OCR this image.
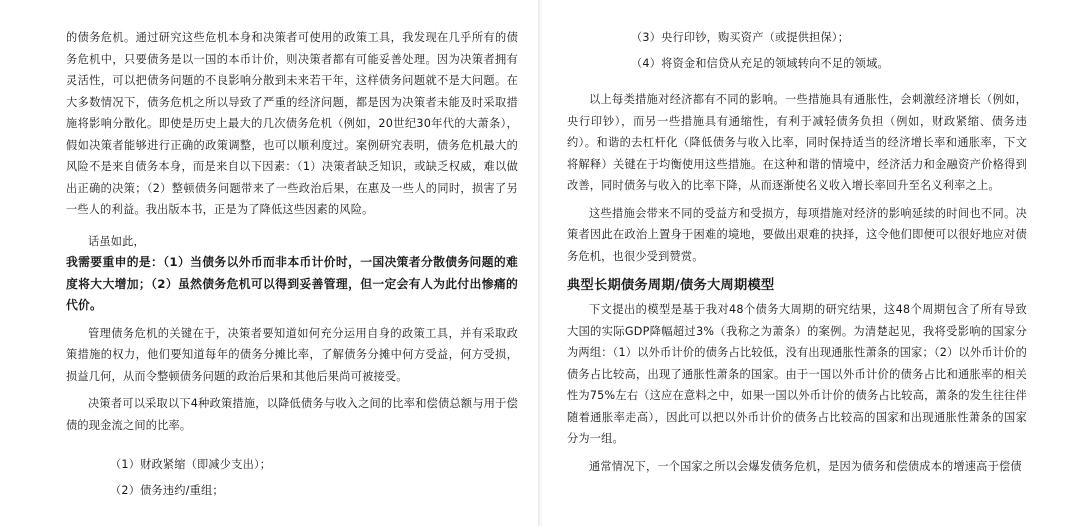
的债务危机。通过研究这些危机本身和决策者可使用的政策工具，我发现在几乎所有的债务危机中，只要债务是以一国的本币计价，则决策者都有可能妥善处理。因为决策者拥有灵活性，可以把债务问题的不良影响分散到未来若干年，这样债务问题就不是大问题。在大多数情况下，债务危机之所以导致了严重的经济问题，都是因为决策者未能及时采取措施将影响分散化。即使是历史上最大的几次债务危机（例如，20世纪30年代的大萧条），假如决策者能够进行正确的政策调整，也可以顺利度过。案例研究表明，债务危机最大的风险不是来自债务本身，而是来自以下因素：（1）决策者缺乏知识，或缺乏权威，难以做出正确的决策；（2）整顿债务问题带来了一些政治后果，在惠及一些人的同时，损害了另一些人的利益。我出版本书，正是为了降低这些因素的风险。

话虽如此，

我需要重申的是：（1）当债务以外币而非本币计价时，一国决策者分散债务问题的难度将大大增加；（2）虽然债务危机可以得到妥善管理，但一定会有人为此付出惨痛的代价。

管理债务危机的关键在于，决策者要知道如何充分运用自身的政策工具，并有采取政策措施的权力，他们要知道每年的债务分摊比率，了解债务分摊中何方受益，何方受损，损益几何，从而令整顿债务问题的政治后果和其他后果尚可被接受。

决策者可以采取以下4种政策措施，以降低债务与收入之间的比率和偿债总额与用于偿债的现金流之间的比率。

（1）财政紧缩（即减少支出）；

（2）债务违约/重组；

（3）央行印钞，购买资产（或提供担保）；

（4）将资金和信贷从充足的领域转向不足的领域。

以上每类措施对经济都有不同的影响。一些措施具有通胀性，会刺激经济增长（例如，央行印钞），而另一些措施具有通缩性，有利于减轻债务负担（例如，财政紧缩、债务违约）。和谐的去杠杆化（降低债务与收入比率，同时保持适当的经济增长率和通胀率，下文将解释）关键在于均衡使用这些措施。在这种和谐的情境中，经济活力和金融资产价格得到改善，同时债务与收入的比率下降，从而逐渐使名义收入增长率回升至名义利率之上。

这些措施会带来不同的受益方和受损方，每项措施对经济的影响延续的时间也不同。决策者因此在政治上置身于困难的境地，要做出艰难的抉择，这令他们即便可以很好地应对债务危机，也很少受到赞赏。

典型长期债务周期/债务大周期模型

下文提出的模型是基于我对48个债务大周期的研究结果，这48个周期包含了所有导致大国的实际GDP降幅超过3%（我称之为萧条）的案例。为清楚起见，我将受影响的国家分为两组：（1）以外币计价的债务占比较低，没有出现通胀性萧条的国家；（2）以外币计价的债务占比较高，出现了通胀性萧条的国家。由于一国以外币计价的债务占比和通胀率的相关性为75%左右（这应在意料之中，如果一国以外币计价的债务占比较高，萧条的发生往往伴随着通胀率走高），因此可以把以外币计价的债务占比较高的国家和出现通胀性萧条的国家分为一组。

通常情况下，一个国家之所以会爆发债务危机，是因为债务和偿债成本的增速高于偿债
